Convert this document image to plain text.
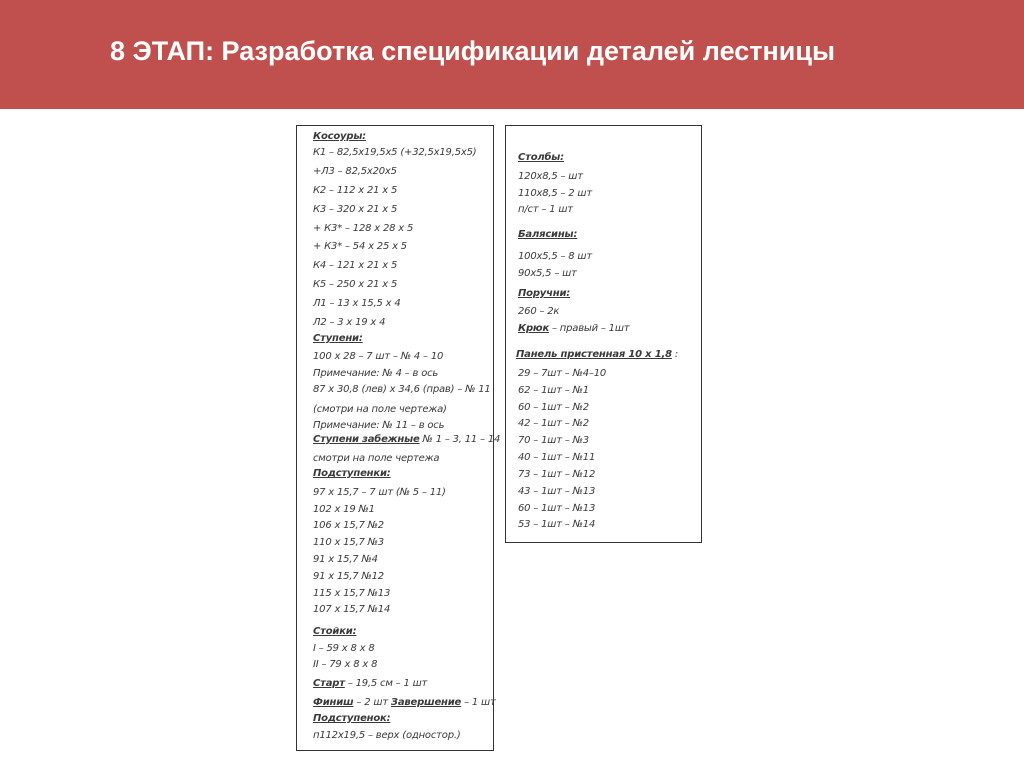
8 ЭТАП: Разработка спецификации деталей лестницы
Косоуры:
К1 – 82,5х19,5х5 (+32,5х19,5х5)
+Л3 – 82,5х20х5
К2 – 112 х 21 х 5
К3 – 320 х 21 х 5
+ К3* – 128 х 28 х 5
+ К3* – 54 х 25 х 5
К4 – 121 х 21 х 5
К5 – 250 х 21 х 5
Л1 – 13 х 15,5 х 4
Л2 – 3 х 19 х 4
Ступени:
100 х 28 – 7 шт – № 4 – 10
Примечание: № 4 – в ось
87 х 30,8 (лев) х 34,6 (прав) – № 11
(смотри на поле чертежа)
Примечание: № 11 – в ось
Ступени забежные № 1 – 3, 11 – 14
смотри на поле чертежа
Подступенки:
97 х 15,7 – 7 шт (№ 5 – 11)
102 х 19 №1
106 х 15,7 №2
110 х 15,7 №3
91 х 15,7 №4
91 х 15,7 №12
115 х 15,7 №13
107 х 15,7 №14
Стойки:
I – 59 х 8 х 8
II – 79 х 8 х 8
Старт – 19,5 см – 1 шт
Финиш – 2 шт Завершение – 1 шт
Подступенок:
п112х19,5 – верх (одностор.)
Столбы:
120х8,5 – шт
110х8,5 – 2 шт
п/ст – 1 шт
Балясины:
100х5,5 – 8 шт
90х5,5 – шт
Поручни:
260 – 2к
Крюк – правый – 1шт
Панель пристенная 10 х 1,8 :
29 – 7шт – №4–10
62 – 1шт – №1
60 – 1шт – №2
42 – 1шт – №2
70 – 1шт – №3
40 – 1шт – №11
73 – 1шт – №12
43 – 1шт – №13
60 – 1шт – №13
53 – 1шт – №14
